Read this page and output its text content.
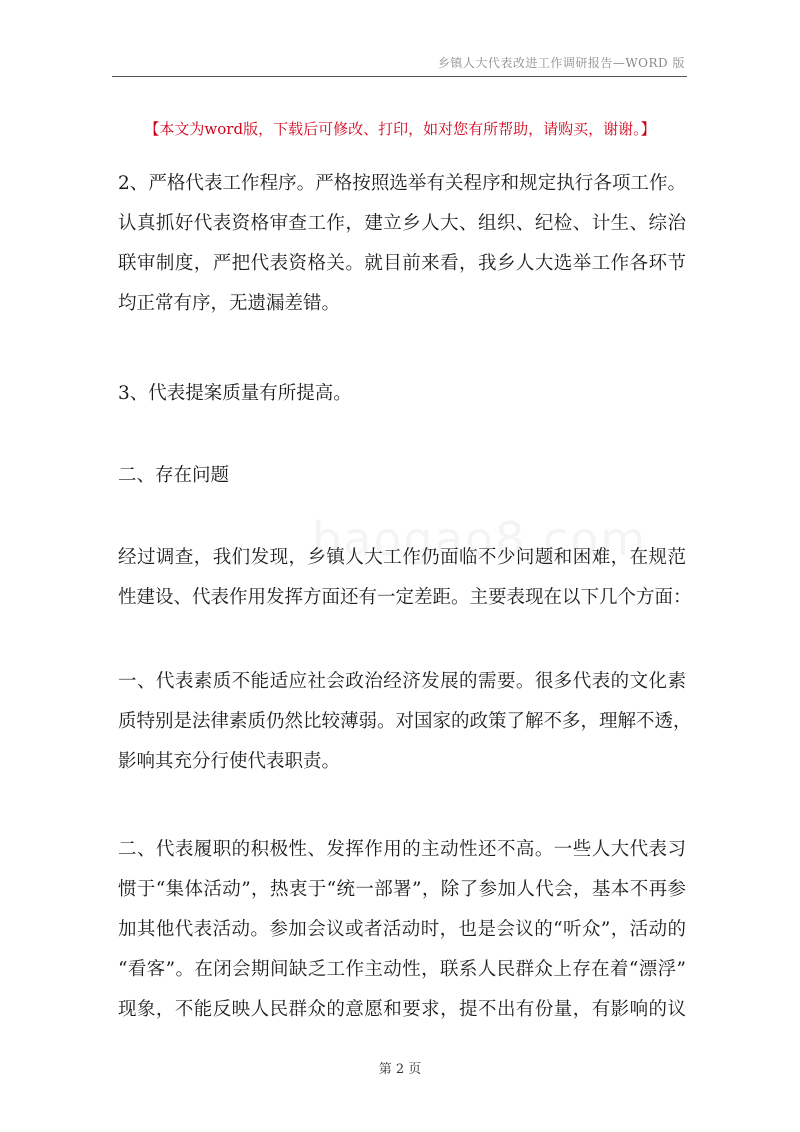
乡镇人大代表改进工作调研报告—WORD 版
【本文为word版，下载后可修改、打印，如对您有所帮助，请购买，谢谢。】
2、严格代表工作程序。严格按照选举有关程序和规定执行各项工作。
认真抓好代表资格审查工作，建立乡人大、组织、纪检、计生、综治
联审制度，严把代表资格关。就目前来看，我乡人大选举工作各环节
均正常有序，无遗漏差错。
3、代表提案质量有所提高。
二、存在问题
经过调查，我们发现，乡镇人大工作仍面临不少问题和困难，在规范
性建设、代表作用发挥方面还有一定差距。主要表现在以下几个方面：
一、代表素质不能适应社会政治经济发展的需要。很多代表的文化素
质特别是法律素质仍然比较薄弱。对国家的政策了解不多，理解不透，
影响其充分行使代表职责。
二、代表履职的积极性、发挥作用的主动性还不高。一些人大代表习
惯于“集体活动”，热衷于“统一部署”，除了参加人代会，基本不再参
加其他代表活动。参加会议或者活动时，也是会议的“听众”，活动的
“看客”。在闭会期间缺乏工作主动性，联系人民群众上存在着“漂浮”
现象，不能反映人民群众的意愿和要求，提不出有份量，有影响的议
第 2 页
